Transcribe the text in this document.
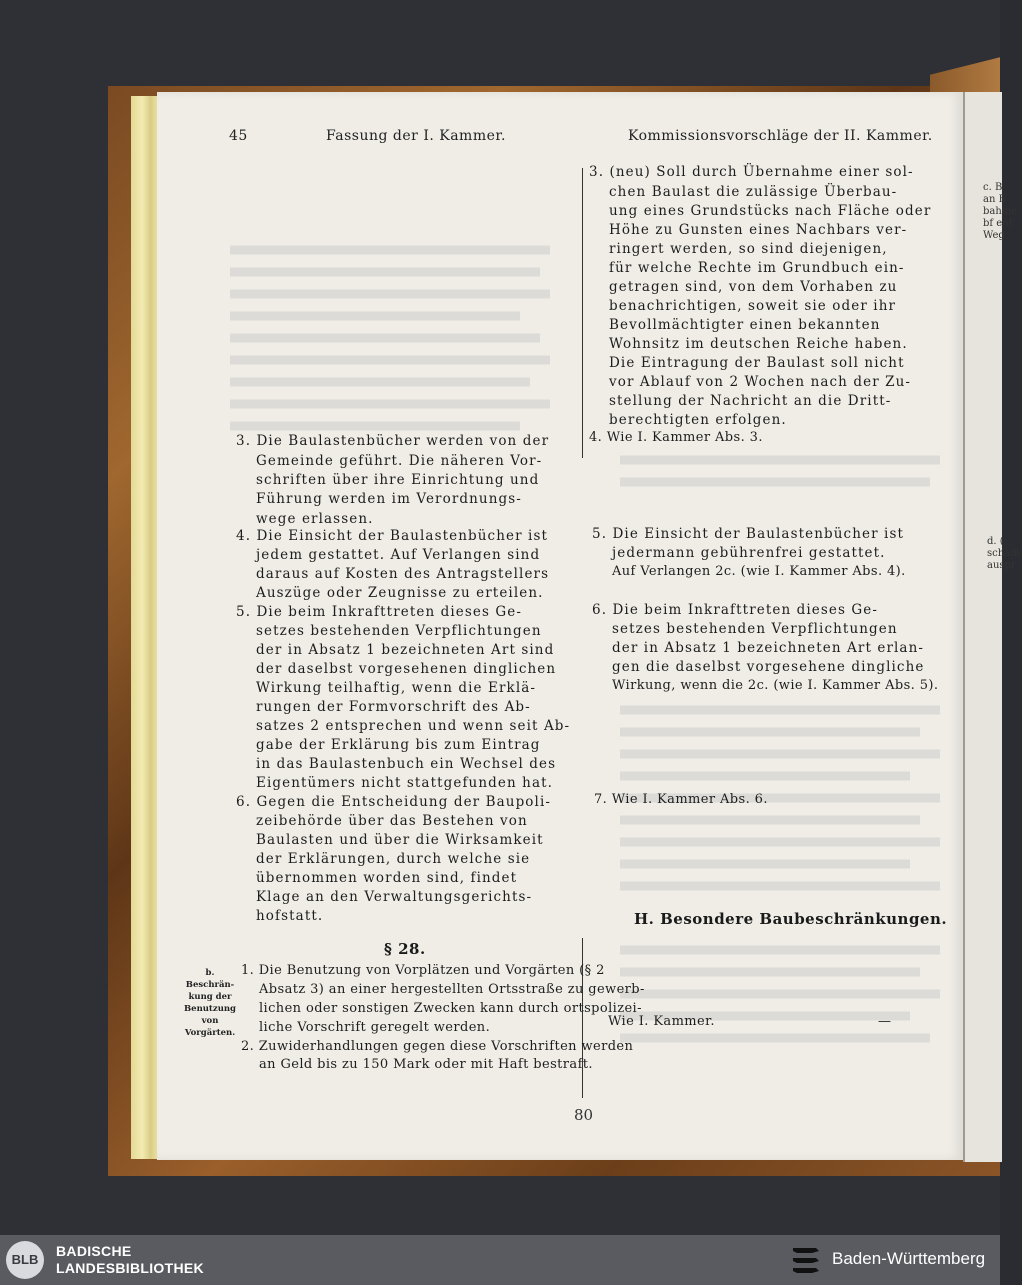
c. B
an E
bahme
bf ent
Weg
d. (
schädi
auspr
45	Fassung der I. Kammer.	Kommissionsvorschläge der II. Kammer.
3. Die Baulastenbücher werden von der
Gemeinde geführt. Die näheren Vor-
schriften über ihre Einrichtung und
Führung werden im Verordnungs-
wege erlassen.
4. Die Einsicht der Baulastenbücher ist
jedem gestattet. Auf Verlangen sind
daraus auf Kosten des Antragstellers
Auszüge oder Zeugnisse zu erteilen.
5. Die beim Inkrafttreten dieses Ge-
setzes bestehenden Verpflichtungen
der in Absatz 1 bezeichneten Art sind
der daselbst vorgesehenen dinglichen
Wirkung teilhaftig, wenn die Erklä-
rungen der Formvorschrift des Ab-
satzes 2 entsprechen und wenn seit Ab-
gabe der Erklärung bis zum Eintrag
in das Baulastenbuch ein Wechsel des
Eigentümers nicht stattgefunden hat.
6. Gegen die Entscheidung der Baupoli-
zeibehörde über das Bestehen von
Baulasten und über die Wirksamkeit
der Erklärungen, durch welche sie
übernommen worden sind, findet
Klage an den Verwaltungsgerichts-
hofstatt.
§ 28.
b. Beschrän-
kung der
Benutzung
von
Vorgärten.
1. Die Benutzung von Vorplätzen und Vorgärten (§ 2
Absatz 3) an einer hergestellten Ortsstraße zu gewerb-
lichen oder sonstigen Zwecken kann durch ortspolizei-
liche Vorschrift geregelt werden.
2. Zuwiderhandlungen gegen diese Vorschriften werden
an Geld bis zu 150 Mark oder mit Haft bestraft.
3. (neu) Soll durch Übernahme einer sol-
chen Baulast die zulässige Überbau-
ung eines Grundstücks nach Fläche oder
Höhe zu Gunsten eines Nachbars ver-
ringert werden, so sind diejenigen,
für welche Rechte im Grundbuch ein-
getragen sind, von dem Vorhaben zu
benachrichtigen, soweit sie oder ihr
Bevollmächtigter einen bekannten
Wohnsitz im deutschen Reiche haben.
Die Eintragung der Baulast soll nicht
vor Ablauf von 2 Wochen nach der Zu-
stellung der Nachricht an die Dritt-
berechtigten erfolgen.
4. Wie I. Kammer Abs. 3.
5. Die Einsicht der Baulastenbücher ist
jedermann gebührenfrei gestattet.
Auf Verlangen 2c. (wie I. Kammer Abs. 4).
6. Die beim Inkrafttreten dieses Ge-
setzes bestehenden Verpflichtungen
der in Absatz 1 bezeichneten Art erlan-
gen die daselbst vorgesehene dingliche
Wirkung, wenn die 2c. (wie I. Kammer Abs. 5).
7. Wie I. Kammer Abs. 6.
H. Besondere Baubeschränkungen.
Wie I. Kammer.	—
80
BLB
BADISCHE
LANDESBIBLIOTHEK	Baden-Württemberg
